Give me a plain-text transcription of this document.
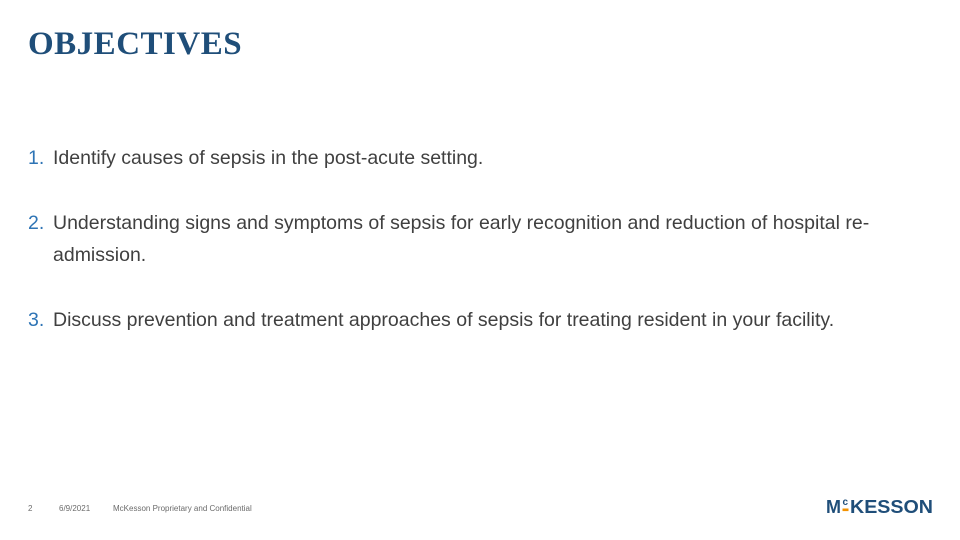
OBJECTIVES
1. Identify causes of sepsis in the post-acute setting.
2. Understanding signs and symptoms of sepsis for early recognition and reduction of hospital re-admission.
3. Discuss prevention and treatment approaches of sepsis for treating resident in your facility.
2	6/9/2021	McKesson Proprietary and Confidential	M c KESSON
